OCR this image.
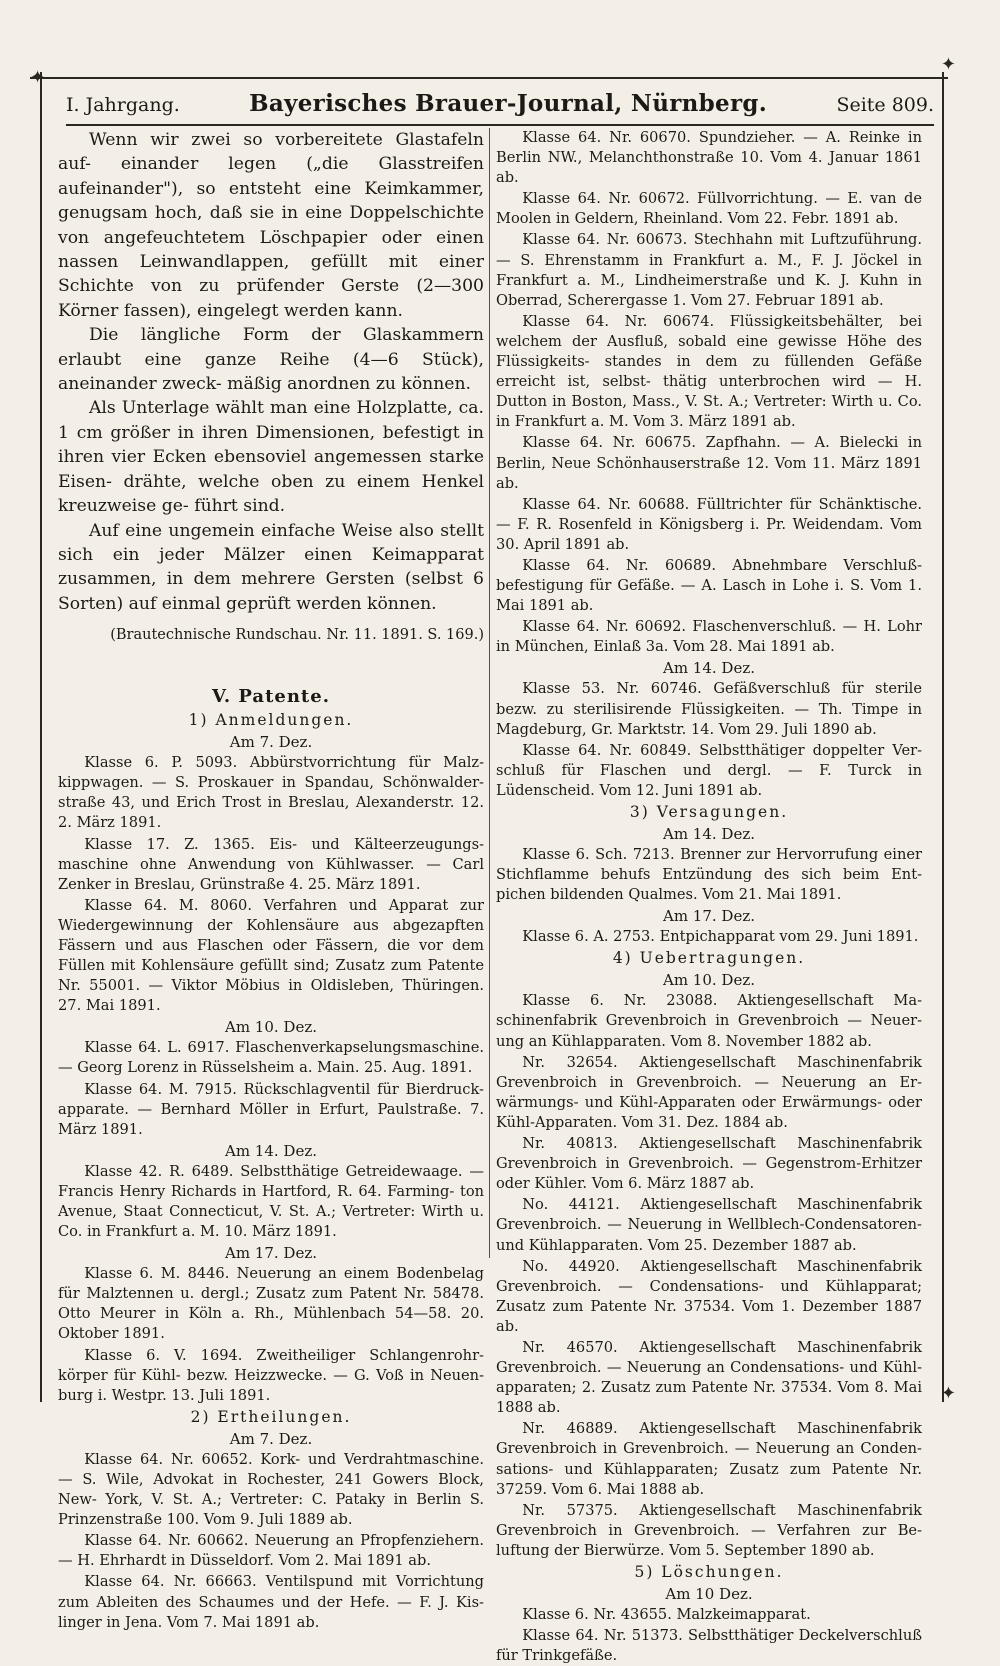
✦
✦
✦
I. Jahrgang.	Bayerisches Brauer-Journal, Nürnberg.	Seite 809.

Wenn wir zwei so vorbereitete Glastafeln auf- einander legen („die Glasstreifen aufeinander"), so entsteht eine Keimkammer, genugsam hoch, daß sie in eine Doppelschichte von angefeuchtetem Löschpapier oder einen nassen Leinwandlappen, gefüllt mit einer Schichte von zu prüfender Gerste (2—300 Körner fassen), eingelegt werden kann.

Die längliche Form der Glaskammern erlaubt eine ganze Reihe (4—6 Stück), aneinander zweck- mäßig anordnen zu können.

Als Unterlage wählt man eine Holzplatte, ca. 1 cm größer in ihren Dimensionen, befestigt in ihren vier Ecken ebensoviel angemessen starke Eisen- drähte, welche oben zu einem Henkel kreuzweise ge- führt sind.

Auf eine ungemein einfache Weise also stellt sich ein jeder Mälzer einen Keimapparat zusammen, in dem mehrere Gersten (selbst 6 Sorten) auf einmal geprüft werden können.

(Brautechnische Rundschau. Nr. 11. 1891. S. 169.)

V. Patente.
1) Anmeldungen.
Am 7. Dez.

Klasse 6. P. 5093. Abbürstvorrichtung für Malz- kippwagen. — S. Proskauer in Spandau, Schönwalder- straße 43, und Erich Trost in Breslau, Alexanderstr. 12. 2. März 1891.

Klasse 17. Z. 1365. Eis- und Kälteerzeugungs- maschine ohne Anwendung von Kühlwasser. — Carl Zenker in Breslau, Grünstraße 4. 25. März 1891.

Klasse 64. M. 8060. Verfahren und Apparat zur Wiedergewinnung der Kohlensäure aus abgezapften Fässern und aus Flaschen oder Fässern, die vor dem Füllen mit Kohlensäure gefüllt sind; Zusatz zum Patente Nr. 55001. — Viktor Möbius in Oldisleben, Thüringen. 27. Mai 1891.

Am 10. Dez.

Klasse 64. L. 6917. Flaschenverkapselungsmaschine. — Georg Lorenz in Rüsselsheim a. Main. 25. Aug. 1891.

Klasse 64. M. 7915. Rückschlagventil für Bierdruck- apparate. — Bernhard Möller in Erfurt, Paulstraße. 7. März 1891.

Am 14. Dez.

Klasse 42. R. 6489. Selbstthätige Getreidewaage. — Francis Henry Richards in Hartford, R. 64. Farming- ton Avenue, Staat Connecticut, V. St. A.; Vertreter: Wirth u. Co. in Frankfurt a. M. 10. März 1891.

Am 17. Dez.

Klasse 6. M. 8446. Neuerung an einem Bodenbelag für Malztennen u. dergl.; Zusatz zum Patent Nr. 58478. Otto Meurer in Köln a. Rh., Mühlenbach 54—58. 20. Oktober 1891.

Klasse 6. V. 1694. Zweitheiliger Schlangenrohr- körper für Kühl- bezw. Heizzwecke. — G. Voß in Neuen- burg i. Westpr. 13. Juli 1891.

2) Ertheilungen.
Am 7. Dez.

Klasse 64. Nr. 60652. Kork- und Verdrahtmaschine. — S. Wile, Advokat in Rochester, 241 Gowers Block, New- York, V. St. A.; Vertreter: C. Pataky in Berlin S. Prinzenstraße 100. Vom 9. Juli 1889 ab.

Klasse 64. Nr. 60662. Neuerung an Pfropfenziehern. — H. Ehrhardt in Düsseldorf. Vom 2. Mai 1891 ab.

Klasse 64. Nr. 66663. Ventilspund mit Vorrichtung zum Ableiten des Schaumes und der Hefe. — F. J. Kis- linger in Jena. Vom 7. Mai 1891 ab.

Klasse 64. Nr. 60670. Spundzieher. — A. Reinke in Berlin NW., Melanchthonstraße 10. Vom 4. Januar 1861 ab.

Klasse 64. Nr. 60672. Füllvorrichtung. — E. van de Moolen in Geldern, Rheinland. Vom 22. Febr. 1891 ab.

Klasse 64. Nr. 60673. Stechhahn mit Luftzuführung. — S. Ehrenstamm in Frankfurt a. M., F. J. Jöckel in Frankfurt a. M., Lindheimerstraße und K. J. Kuhn in Oberrad, Scherergasse 1. Vom 27. Februar 1891 ab.

Klasse 64. Nr. 60674. Flüssigkeitsbehälter, bei welchem der Ausfluß, sobald eine gewisse Höhe des Flüssigkeits- standes in dem zu füllenden Gefäße erreicht ist, selbst- thätig unterbrochen wird — H. Dutton in Boston, Mass., V. St. A.; Vertreter: Wirth u. Co. in Frankfurt a. M. Vom 3. März 1891 ab.

Klasse 64. Nr. 60675. Zapfhahn. — A. Bielecki in Berlin, Neue Schönhauserstraße 12. Vom 11. März 1891 ab.

Klasse 64. Nr. 60688. Fülltrichter für Schänktische. — F. R. Rosenfeld in Königsberg i. Pr. Weidendam. Vom 30. April 1891 ab.

Klasse 64. Nr. 60689. Abnehmbare Verschluß- befestigung für Gefäße. — A. Lasch in Lohe i. S. Vom 1. Mai 1891 ab.

Klasse 64. Nr. 60692. Flaschenverschluß. — H. Lohr in München, Einlaß 3a. Vom 28. Mai 1891 ab.

Am 14. Dez.

Klasse 53. Nr. 60746. Gefäßverschluß für sterile bezw. zu sterilisirende Flüssigkeiten. — Th. Timpe in Magdeburg, Gr. Marktstr. 14. Vom 29. Juli 1890 ab.

Klasse 64. Nr. 60849. Selbstthätiger doppelter Ver- schluß für Flaschen und dergl. — F. Turck in Lüdenscheid. Vom 12. Juni 1891 ab.

3) Versagungen.
Am 14. Dez.

Klasse 6. Sch. 7213. Brenner zur Hervorrufung einer Stichflamme behufs Entzündung des sich beim Ent- pichen bildenden Qualmes. Vom 21. Mai 1891.

Am 17. Dez.

Klasse 6. A. 2753. Entpichapparat vom 29. Juni 1891.

4) Uebertragungen.
Am 10. Dez.

Klasse 6. Nr. 23088. Aktiengesellschaft Ma- schinenfabrik Grevenbroich in Grevenbroich — Neuer- ung an Kühlapparaten. Vom 8. November 1882 ab.

Nr. 32654. Aktiengesellschaft Maschinenfabrik Grevenbroich in Grevenbroich. — Neuerung an Er- wärmungs- und Kühl-Apparaten oder Erwärmungs- oder Kühl-Apparaten. Vom 31. Dez. 1884 ab.

Nr. 40813. Aktiengesellschaft Maschinenfabrik Grevenbroich in Grevenbroich. — Gegenstrom-Erhitzer oder Kühler. Vom 6. März 1887 ab.

No. 44121. Aktiengesellschaft Maschinenfabrik Grevenbroich. — Neuerung in Wellblech-Condensatoren- und Kühlapparaten. Vom 25. Dezember 1887 ab.

No. 44920. Aktiengesellschaft Maschinenfabrik Grevenbroich. — Condensations- und Kühlapparat; Zusatz zum Patente Nr. 37534. Vom 1. Dezember 1887 ab.

Nr. 46570. Aktiengesellschaft Maschinenfabrik Grevenbroich. — Neuerung an Condensations- und Kühl- apparaten; 2. Zusatz zum Patente Nr. 37534. Vom 8. Mai 1888 ab.

Nr. 46889. Aktiengesellschaft Maschinenfabrik Grevenbroich in Grevenbroich. — Neuerung an Conden- sations- und Kühlapparaten; Zusatz zum Patente Nr. 37259. Vom 6. Mai 1888 ab.

Nr. 57375. Aktiengesellschaft Maschinenfabrik Grevenbroich in Grevenbroich. — Verfahren zur Be- luftung der Bierwürze. Vom 5. September 1890 ab.

5) Löschungen.
Am 10 Dez.

Klasse 6. Nr. 43655. Malzkeimapparat.

Klasse 64. Nr. 51373. Selbstthätiger Deckelverschluß für Trinkgefäße.
